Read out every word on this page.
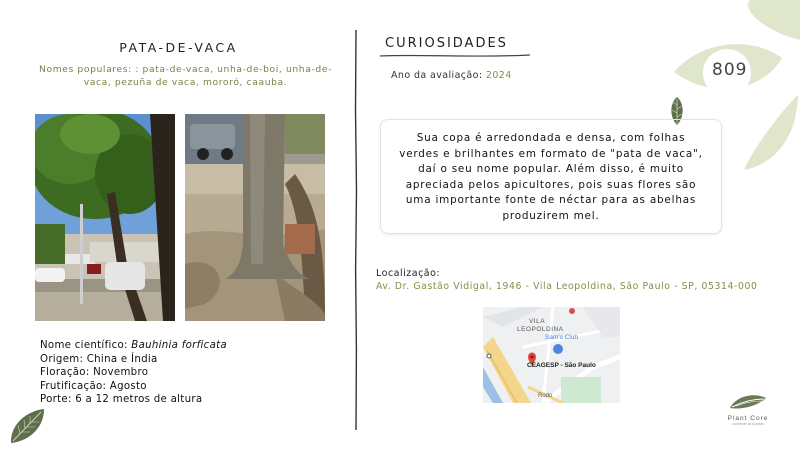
809
PATA-DE-VACA
Nomes populares: : pata-de-vaca, unha-de-boi, unha-de-vaca, pezuña de vaca, mororó, caauba.
Nome científico: Bauhinia forficata
Origem: China e Índia
Floração: Novembro
Frutificação: Agosto
Porte: 6 a 12 metros de altura
CURIOSIDADES
Ano da avaliação: 2024

Sua copa é arredondada e densa, com folhas verdes e brilhantes em formato de "pata de vaca", daí o seu nome popular. Além disso, é muito apreciada pelos apicultores, pois suas flores são uma importante fonte de néctar para as abelhas produzirem mel.

Localização:
Av. Dr. Gastão Vidigal, 1946 - Vila Leopoldina, São Paulo - SP, 05314-000
VILA LEOPOLDINA
Sam's Club
CEAGESP - São Paulo
Rodo
Plant Core
conhecer as plantas
